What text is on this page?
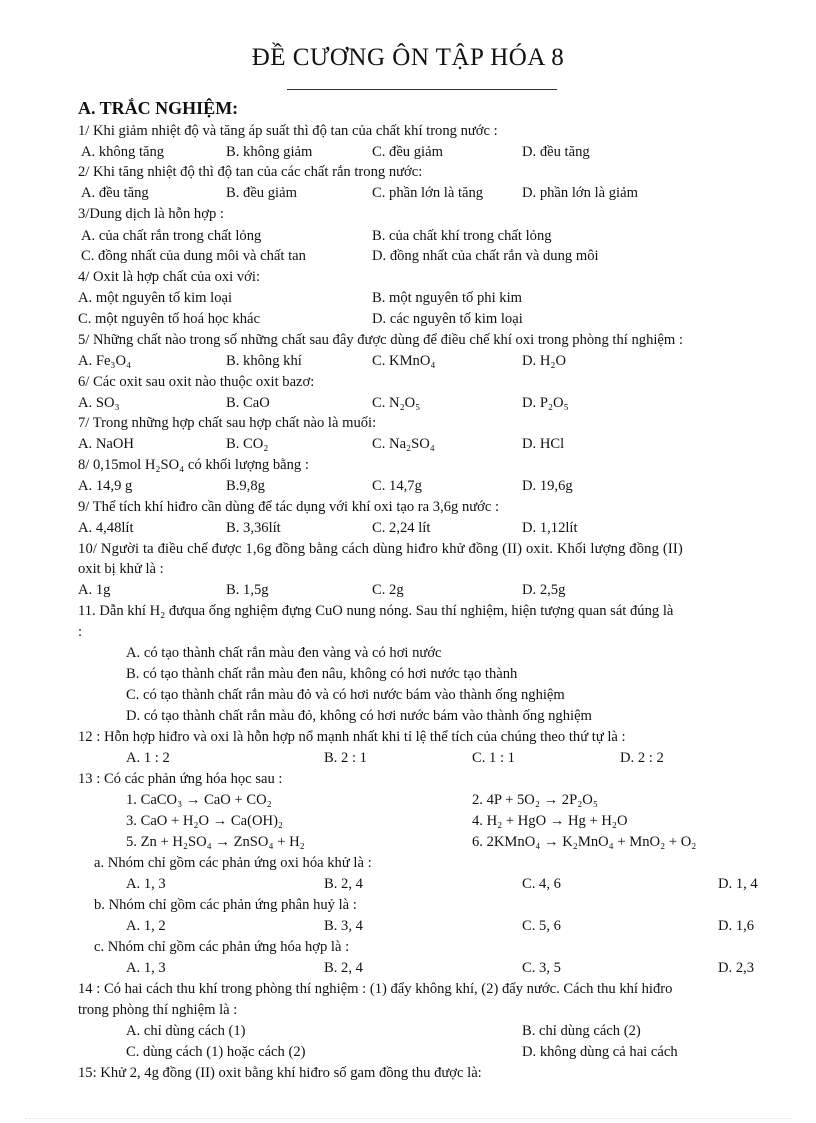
ĐỀ CƯƠNG ÔN TẬP HÓA 8
A. TRẮC NGHIỆM:
1/ Khi giảm nhiệt độ và tăng áp suất thì độ tan của chất khí trong nước :
A. không tăng	B. không giảm	C. đều giảm	D. đều tăng
2/ Khi tăng nhiệt độ thì độ tan của các chất rắn trong nước:
A. đều tăng	B. đều giảm	C. phần lớn là tăng	D. phần lớn là giảm
3/Dung dịch là hỗn hợp :
A. của chất rắn trong chất lỏng	B. của chất khí trong chất lỏng
C. đồng nhất của dung môi và chất tan	D. đồng nhất của chất rắn và dung môi
4/ Oxit là hợp chất của oxi với:
A. một nguyên tố kim loại	B. một nguyên tố phi kim
C. một nguyên tố hoá học khác	D. các nguyên tố kim loại
5/ Những chất nào trong số những chất sau đây được dùng để điều chế khí oxi trong phòng thí nghiệm :
A. Fe₃O₄	B. không khí	C. KMnO₄	D. H₂O
6/ Các oxit sau oxit nào thuộc oxit bazơ:
A. SO₃	B. CaO	C. N₂O₅	D. P₂O₅
7/ Trong những hợp chất sau hợp chất nào là muối:
A. NaOH	B. CO₂	C. Na₂SO₄	D. HCl
8/ 0,15mol H₂SO₄ có khối lượng bằng :
A. 14,9 g	B.9,8g	C. 14,7g	D. 19,6g
9/ Thể tích khí hiđro cần dùng để tác dụng với khí oxi tạo ra 3,6g nước :
A. 4,48lít	B. 3,36lít	C. 2,24 lít	D. 1,12lít
10/ Người ta điều chế được 1,6g đồng bằng cách dùng hiđro khử đồng (II) oxit. Khối lượng đồng (II)
oxit bị khử là :
A. 1g	B. 1,5g	C. 2g	D. 2,5g
11. Dẫn khí H₂ đưqua ống nghiệm đựng CuO nung nóng. Sau thí nghiệm, hiện tượng quan sát đúng là
:
A. có tạo thành chất rắn màu đen vàng và có hơi nước
B. có tạo thành chất rắn màu đen nâu, không có hơi nước tạo thành
C. có tạo thành chất rắn màu đỏ và có hơi nước bám vào thành ống nghiệm
D. có tạo thành chất rắn màu đỏ, không có hơi nước bám vào thành ống nghiệm
12 : Hỗn hợp hiđro và oxi là hỗn hợp nổ mạnh nhất khi tỉ lệ thể tích của chúng theo thứ tự là :
A. 1 : 2	B. 2 : 1	C. 1 : 1	D. 2 : 2
13 : Có các phản ứng hóa học sau :
1. CaCO₃ → CaO + CO₂	2. 4P + 5O₂ → 2P₂O₅
3. CaO + H₂O → Ca(OH)₂	4. H₂ + HgO → Hg + H₂O
5. Zn + H₂SO₄ → ZnSO₄ + H₂	6. 2KMnO₄ → K₂MnO₄ + MnO₂ + O₂
a. Nhóm chỉ gồm các phản ứng oxi hóa khử là :
A. 1, 3	B. 2, 4	C. 4, 6	D. 1, 4
b. Nhóm chỉ gồm các phản ứng phân huỷ là :
A. 1, 2	B. 3, 4	C. 5, 6	D. 1,6
c. Nhóm chỉ gồm các phản ứng hóa hợp là :
A. 1, 3	B. 2, 4	C. 3, 5	D. 2,3
14 : Có hai cách thu khí trong phòng thí nghiệm : (1) đẩy không khí, (2) đẩy nước. Cách thu khí hiđro
trong phòng thí nghiệm là :
A. chỉ dùng cách (1)	B. chỉ dùng cách (2)
C. dùng cách (1) hoặc cách (2)	D. không dùng cả hai cách
15: Khử 2, 4g đồng (II) oxit bằng khí hiđro số gam đồng thu được là:
